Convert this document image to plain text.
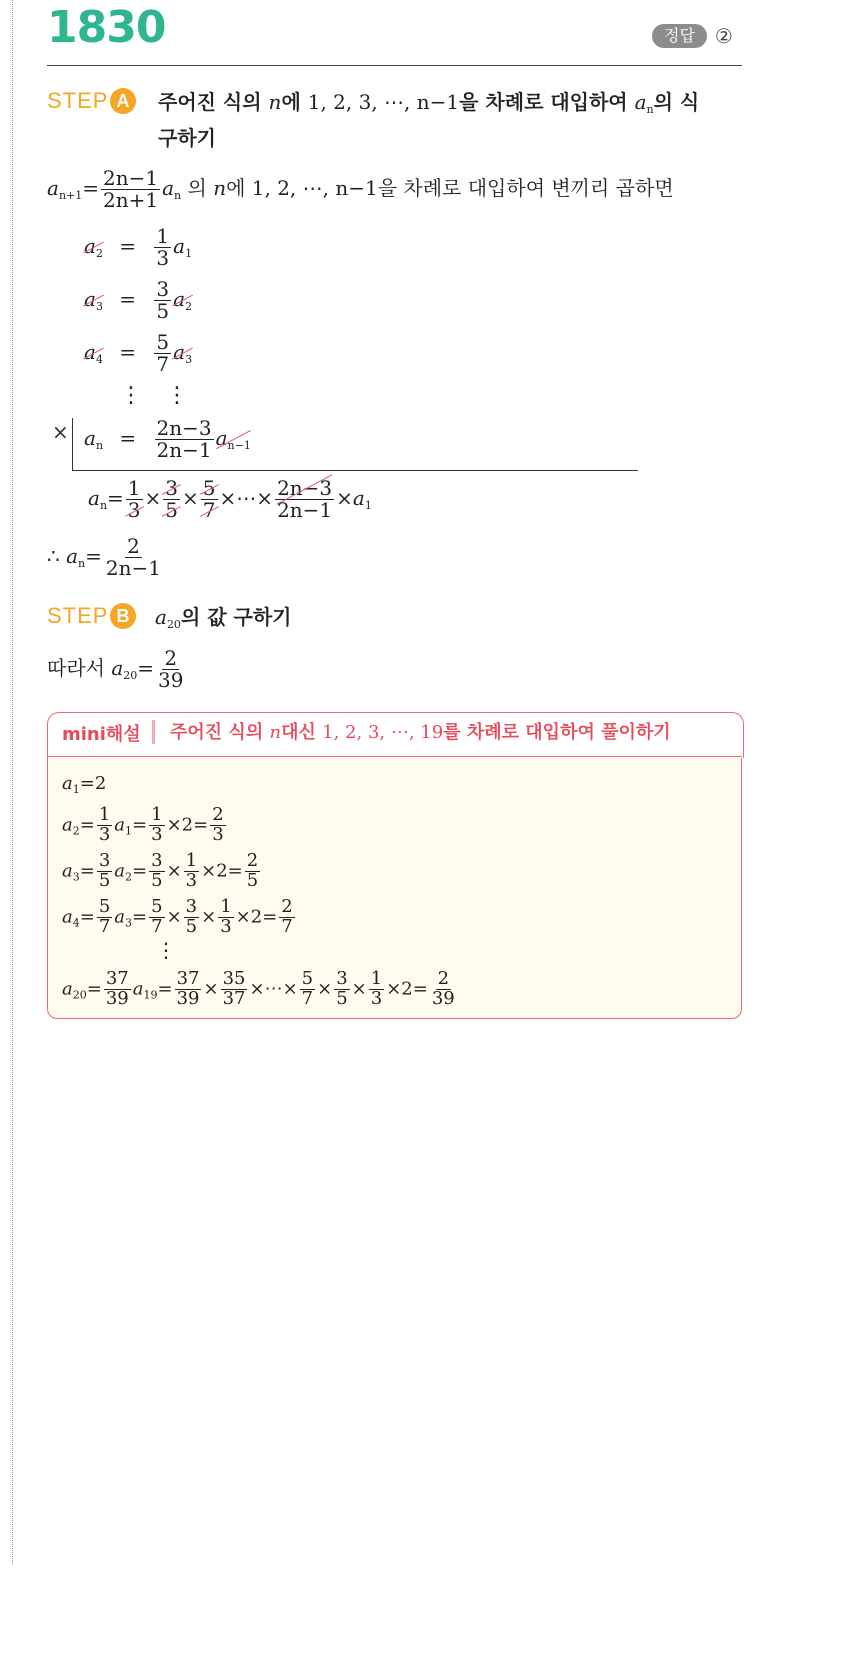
1830	정답	②
STEP A	주어진 식의 n에 1, 2, 3, ⋯, n−1을 차례로 대입하여 $a_n$의 식
구하기
$a_{n+1}= \frac{2n-1}{2n+1} a_n$ 의 n에 1, 2, ⋯, n−1을 차례로 대입하여 변끼리 곱하면
$a_2 = \frac{1}{3} a_1$
$a_3 = \frac{3}{5} a_2$
$a_4 = \frac{5}{7} a_3$
⋮ ⋮
× $a_n = \frac{2n-3}{2n-1} a_{n-1}$
$a_n= \frac{1}{3} \times \frac{3}{5} \times \frac{5}{7}$ ×⋯× $\frac{2n-3}{2n-1} \times a_1$
∴ $a_n= \frac{2}{2n-1}$
STEP B	$a_{20}$의 값 구하기
따라서 $a_{20}= \frac{2}{39}$
mini해설 주어진 식의 n대신 1, 2, 3, ⋯, 19를 차례로 대입하여 풀이하기
$a_1=2$
$a_2= \frac{1}{3} a_1= \frac{1}{3} \times 2= \frac{2}{3}$
$a_3= \frac{3}{5} a_2= \frac{3}{5} \times \frac{1}{3} \times 2= \frac{2}{5}$
$a_4= \frac{5}{7} a_3= \frac{5}{7} \times \frac{3}{5} \times \frac{1}{3} \times 2= \frac{2}{7}$
⋮
$a_{20}= \frac{37}{39} a_{19}= \frac{37}{39} \times \frac{35}{37}$ ×⋯× $\frac{5}{7} \times \frac{3}{5} \times \frac{1}{3} \times 2= \frac{2}{39}$
